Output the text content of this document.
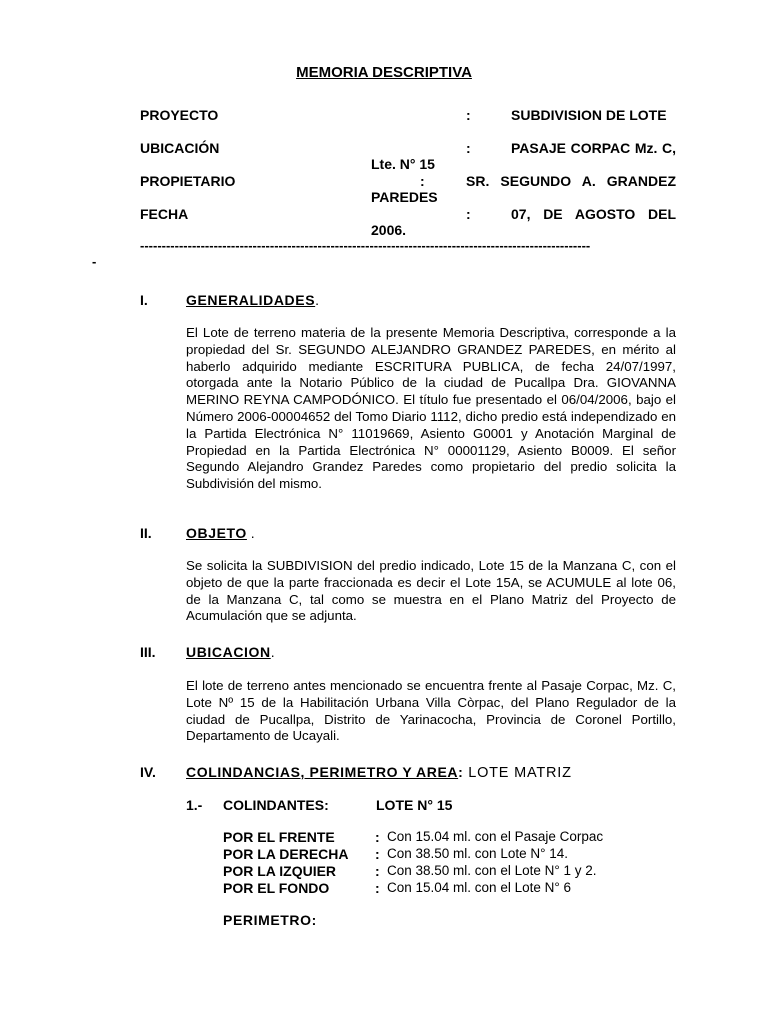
MEMORIA DESCRIPTIVA
PROYECTO	:	SUBDIVISION DE LOTE
UBICACIÓN	:	PASAJE CORPAC Mz. C, Lte. N° 15
PROPIETARIO	:	SR. SEGUNDO A. GRANDEZ PAREDES
FECHA	:	07, DE AGOSTO DEL 2006.
--------------------------------------------------------------------------------------------------------
-
I.	GENERALIDADES.

El Lote de terreno materia de la presente Memoria Descriptiva, corresponde a la propiedad del Sr. SEGUNDO ALEJANDRO GRANDEZ PAREDES, en mérito al haberlo adquirido mediante ESCRITURA PUBLICA, de fecha 24/07/1997, otorgada ante la Notario Público de la ciudad de Pucallpa Dra. GIOVANNA MERINO REYNA CAMPODÓNICO. El título fue presentado el 06/04/2006, bajo el Número 2006-00004652 del Tomo Diario 1112, dicho predio está independizado en la Partida Electrónica N° 11019669, Asiento G0001 y Anotación Marginal de Propiedad en la Partida Electrónica N° 00001129, Asiento B0009. El señor Segundo Alejandro Grandez Paredes como propietario del predio solicita la Subdivisión del mismo.

II. OBJETO .

Se solicita la SUBDIVISION del predio indicado, Lote 15 de la Manzana C, con el objeto de que la parte fraccionada es decir el Lote 15A, se ACUMULE al lote 06, de la Manzana C, tal como se muestra en el Plano Matriz del Proyecto de Acumulación que se adjunta.

III. UBICACION.

El lote de terreno antes mencionado se encuentra frente al Pasaje Corpac, Mz. C, Lote Nº 15 de la Habilitación Urbana Villa Còrpac, del Plano Regulador de la ciudad de Pucallpa, Distrito de Yarinacocha, Provincia de Coronel Portillo, Departamento de Ucayali.

IV. COLINDANCIAS, PERIMETRO Y AREA: LOTE MATRIZ
1.- COLINDANTES:	LOTE N° 15
POR EL FRENTE	: Con 15.04 ml. con el Pasaje Corpac
POR LA DERECHA : Con 38.50 ml. con Lote N° 14.
POR LA IZQUIER	: Con 38.50 ml. con el Lote N° 1 y 2.
POR EL FONDO	: Con 15.04 ml. con el Lote N° 6
PERIMETRO:
